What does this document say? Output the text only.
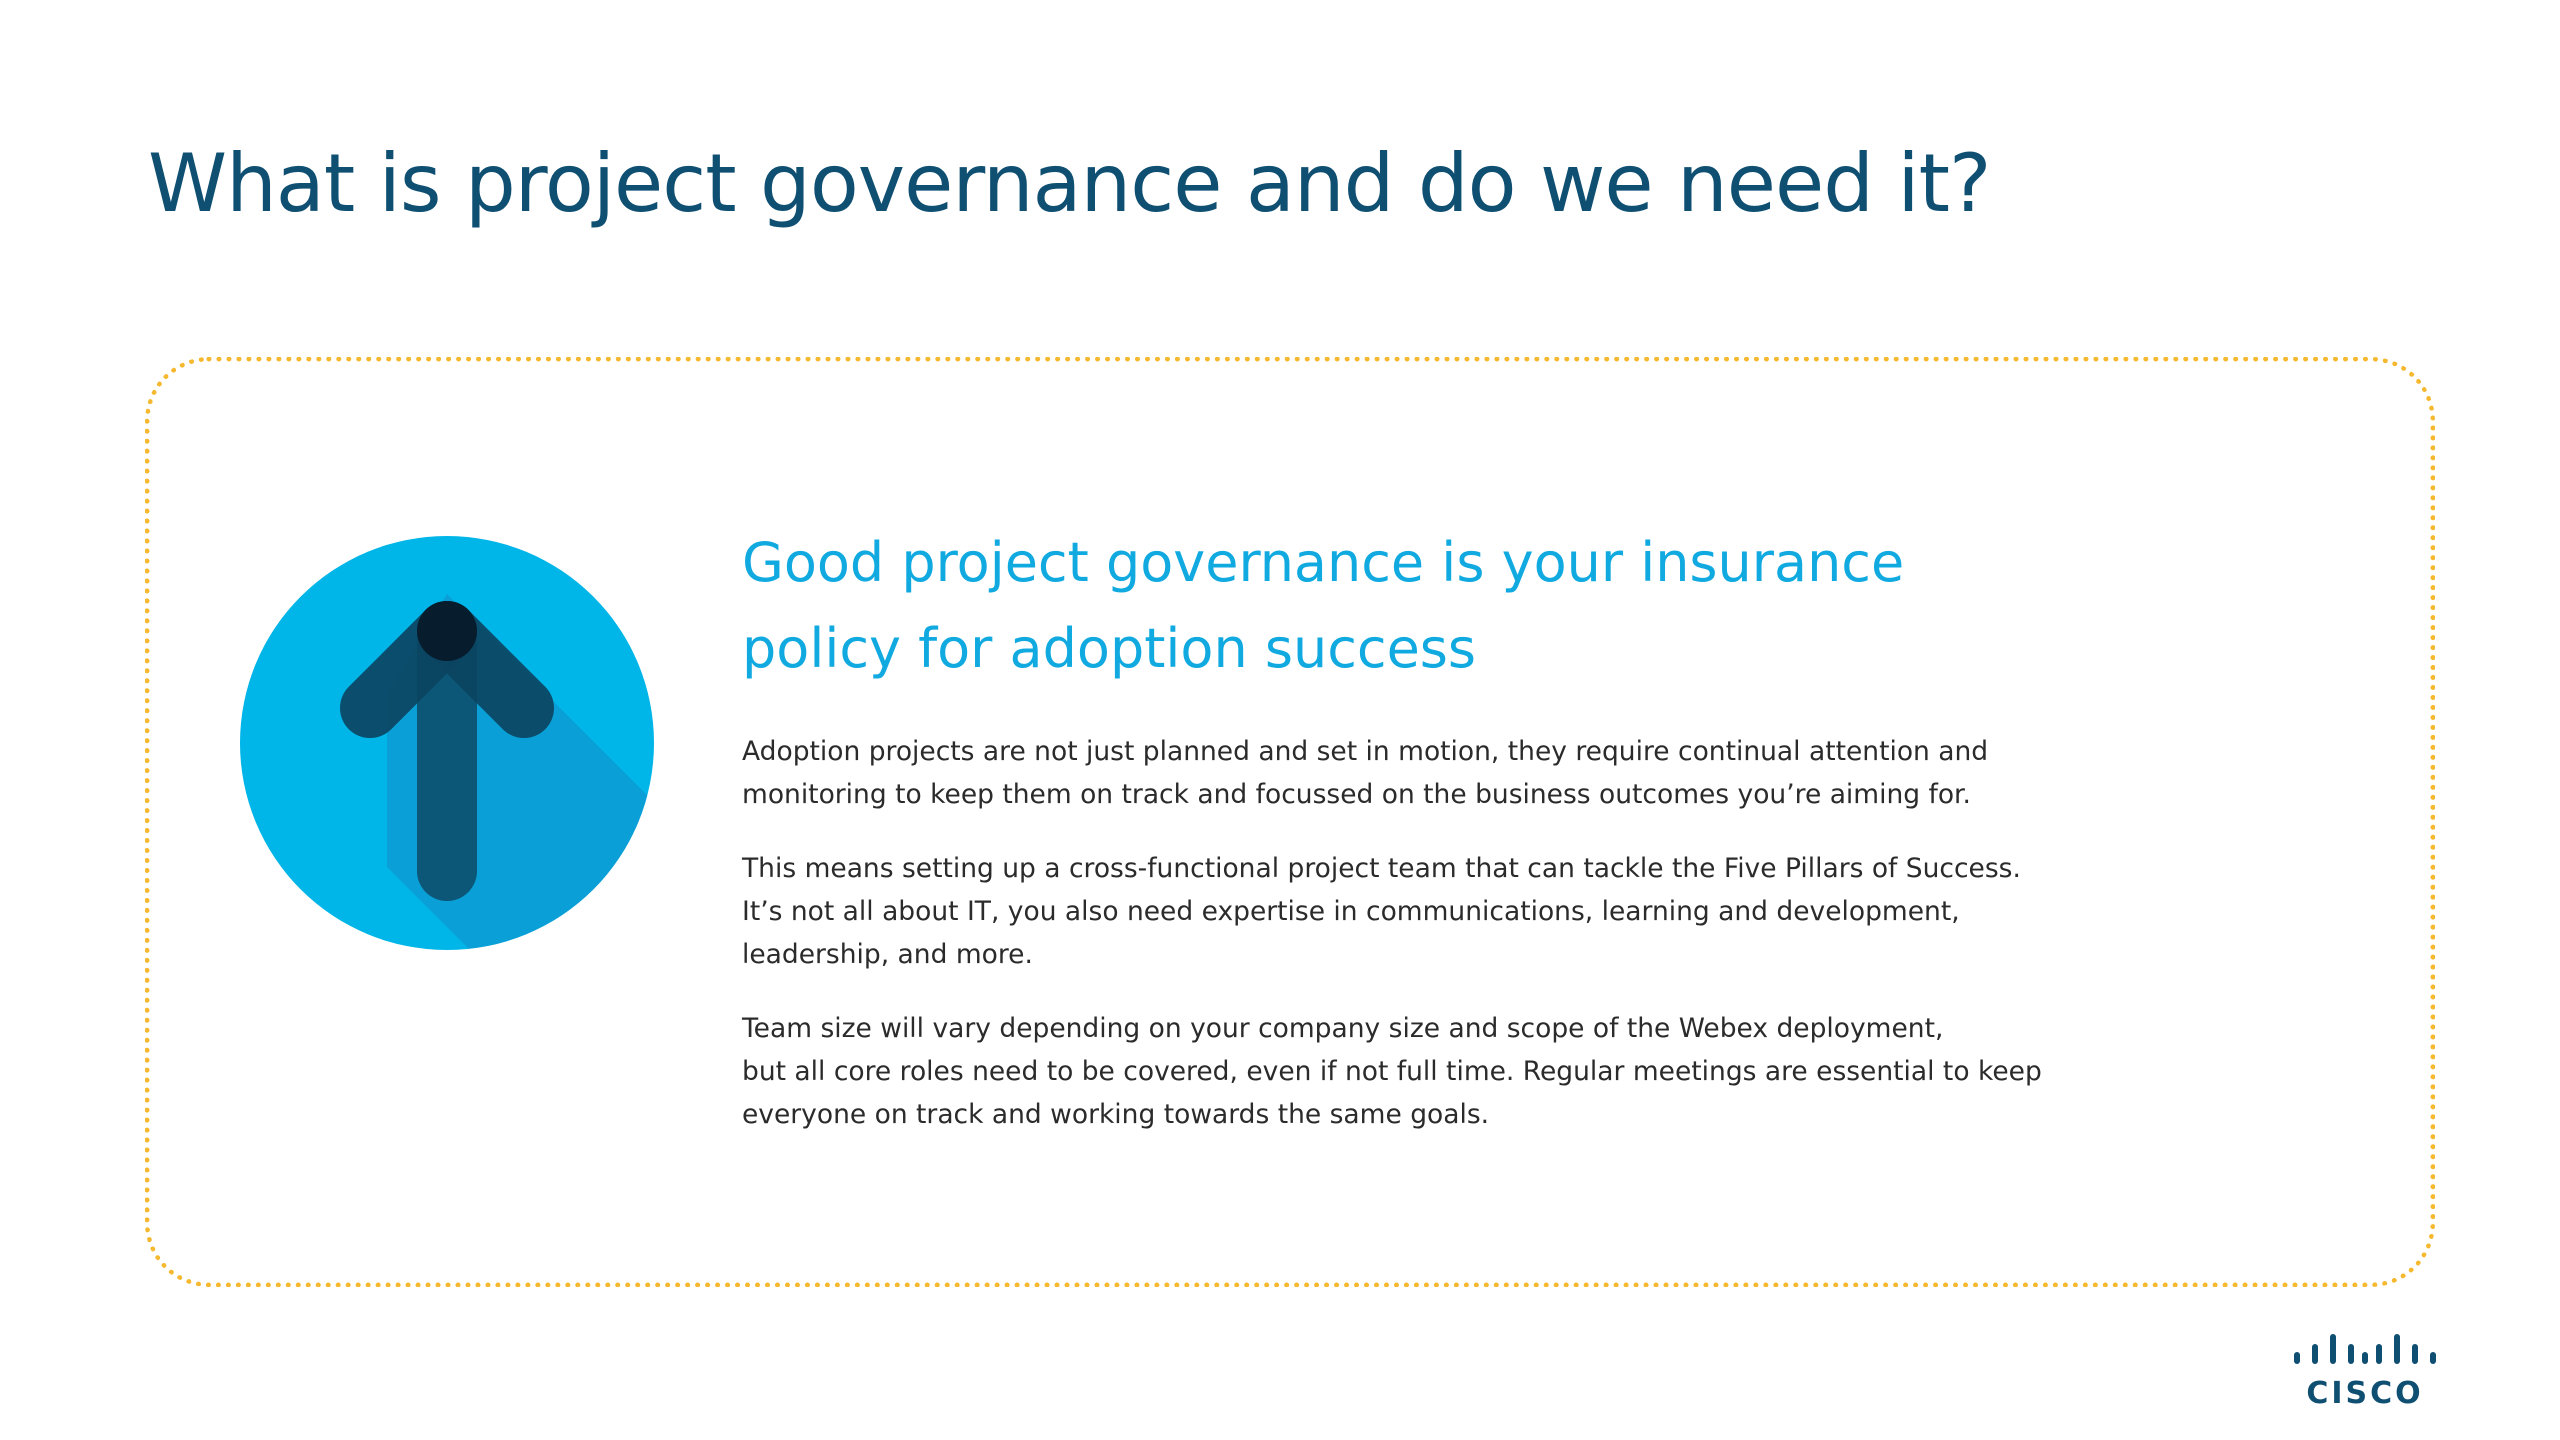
What is project governance and do we need it?
Good project governance is your insurance policy for adoption success

Adoption projects are not just planned and set in motion, they require continual attention and
monitoring to keep them on track and focussed on the business outcomes you’re aiming for.

This means setting up a cross-functional project team that can tackle the Five Pillars of Success.
It’s not all about IT, you also need expertise in communications, learning and development,
leadership, and more.

Team size will vary depending on your company size and scope of the Webex deployment,
but all core roles need to be covered, even if not full time. Regular meetings are essential to keep
everyone on track and working towards the same goals.

CISCO
